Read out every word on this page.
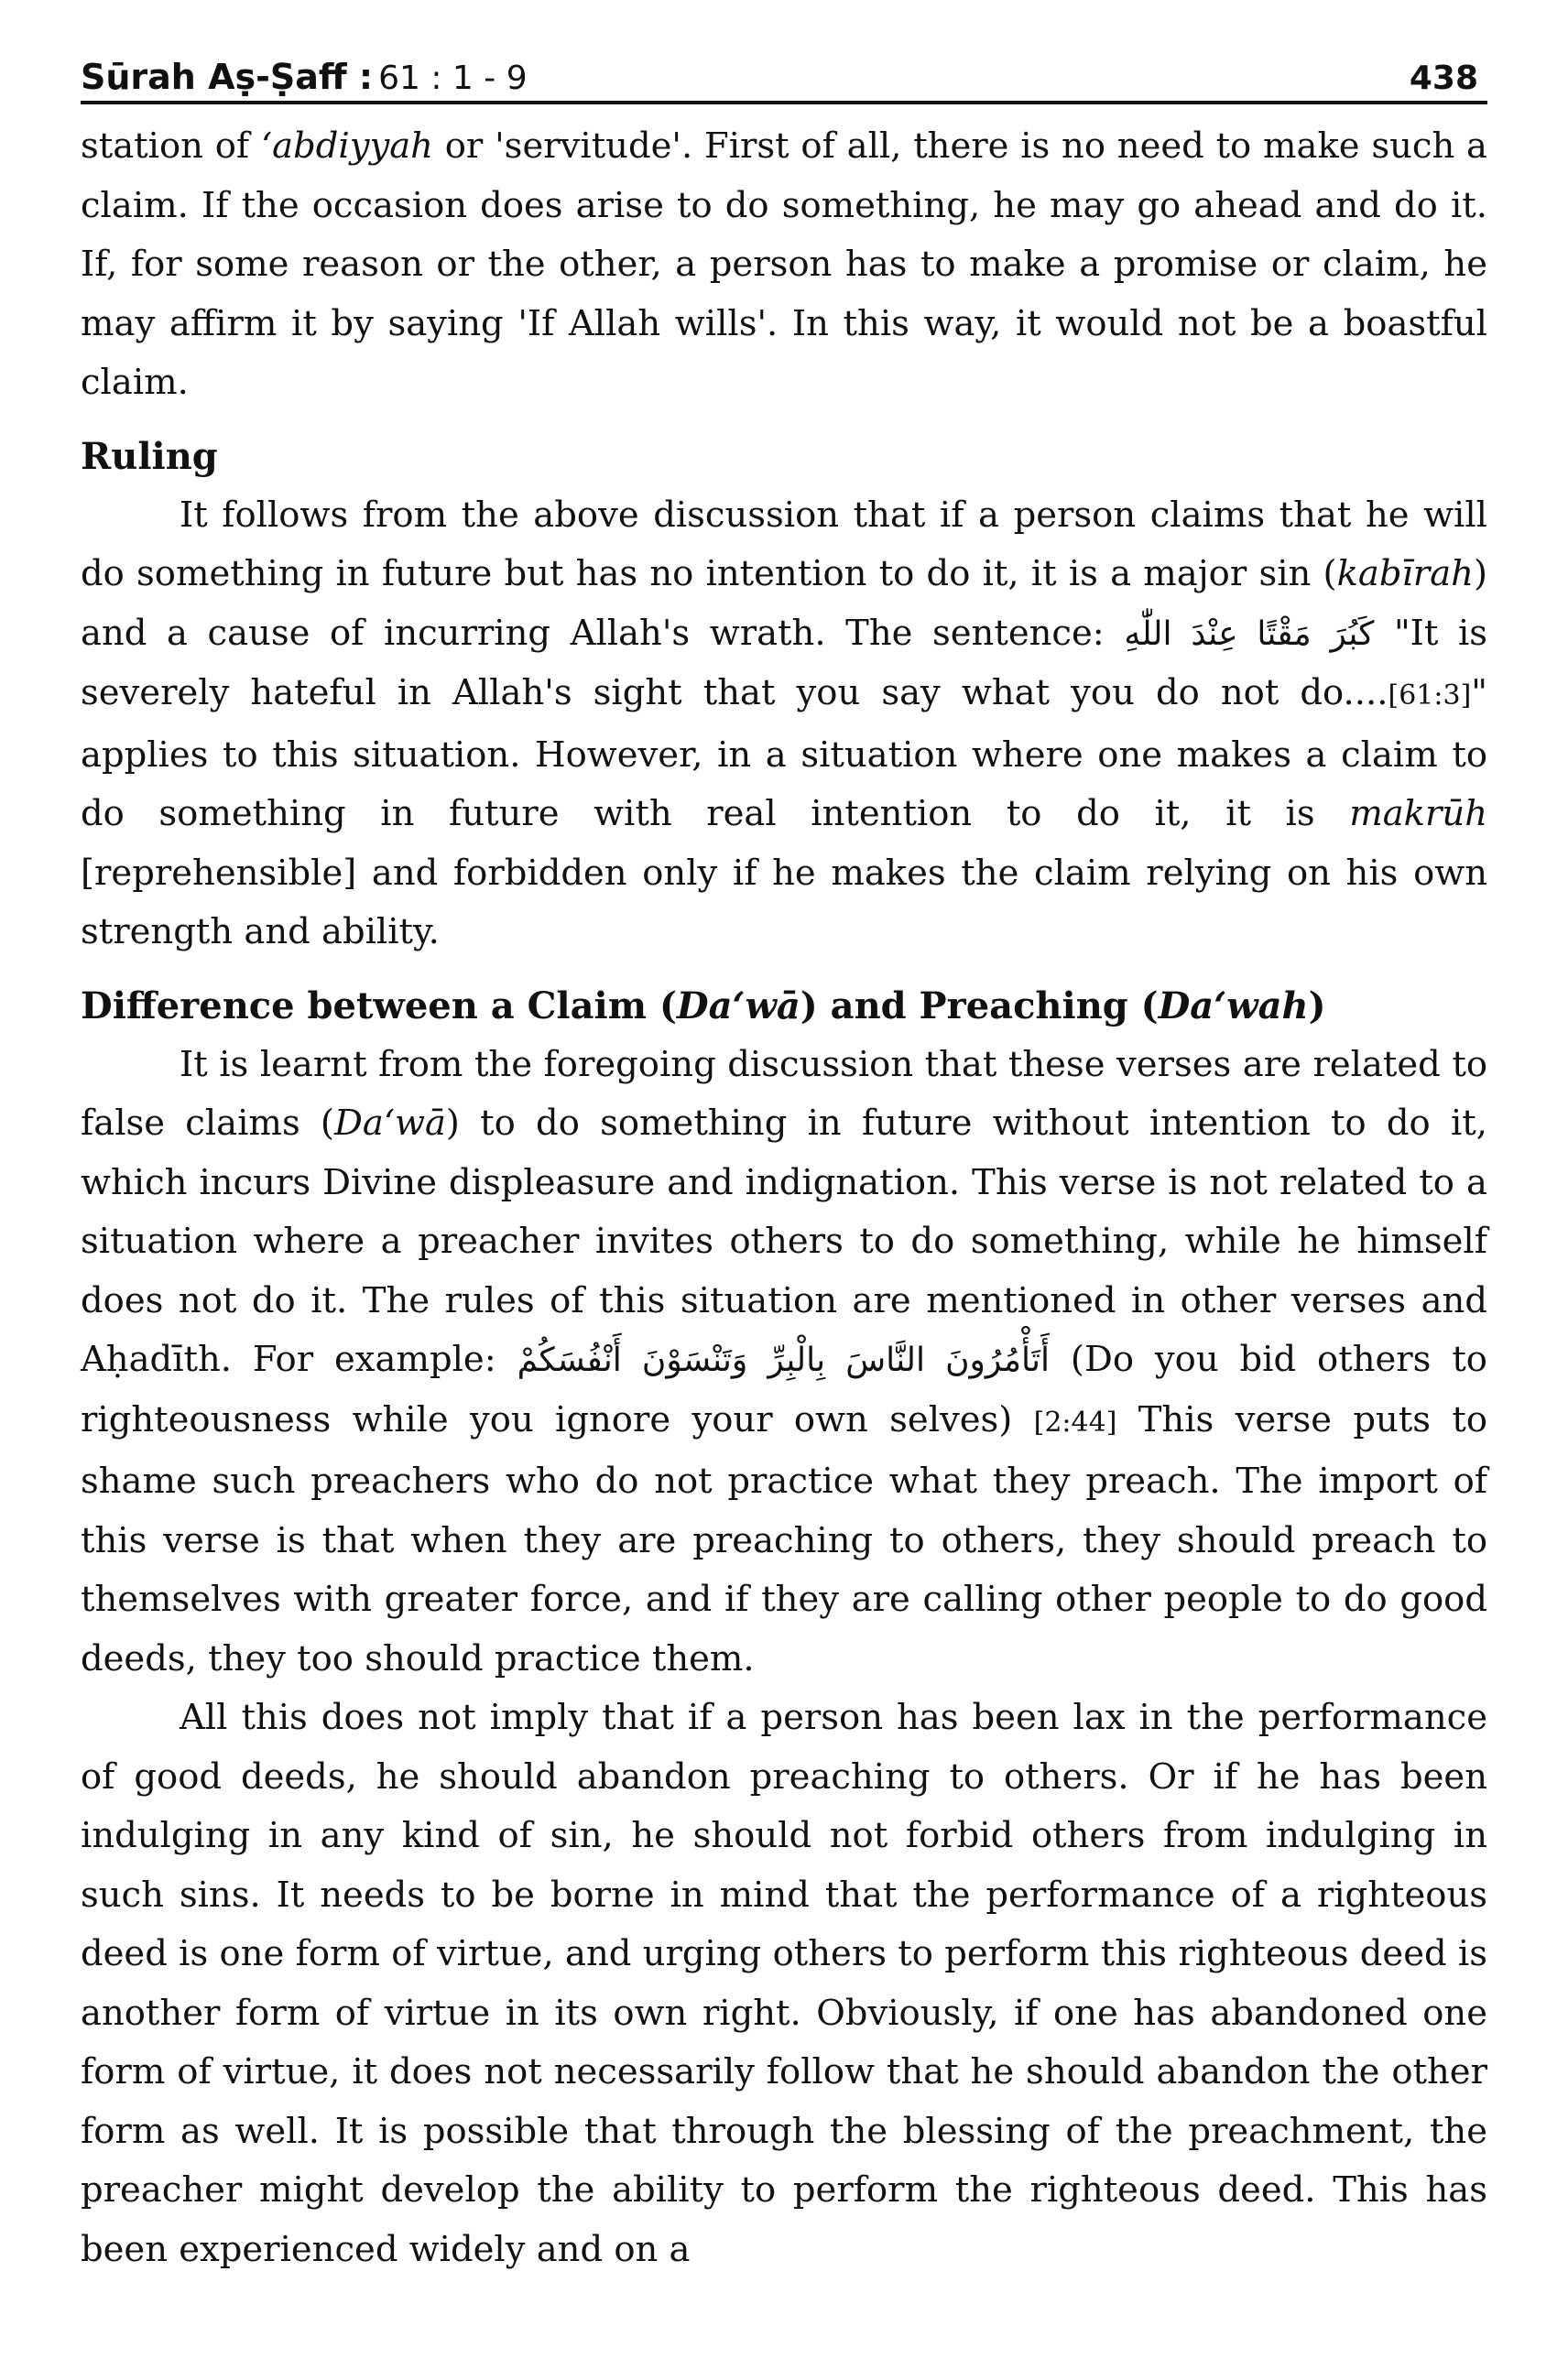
Sūrah Aṣ-Ṣaff : 61 : 1 - 9	438

station of ‘abdiyyah or 'servitude'. First of all, there is no need to make such a claim. If the occasion does arise to do something, he may go ahead and do it. If, for some reason or the other, a person has to make a promise or claim, he may affirm it by saying 'If Allah wills'. In this way, it would not be a boastful claim.

Ruling

It follows from the above discussion that if a person claims that he will do something in future but has no intention to do it, it is a major sin (kabīrah) and a cause of incurring Allah's wrath. The sentence: كَبُرَ مَقْتًا عِنْدَ اللّٰهِ "It is severely hateful in Allah's sight that you say what you do not do....[61:3]" applies to this situation. However, in a situation where one makes a claim to do something in future with real intention to do it, it is makrūh [reprehensible] and forbidden only if he makes the claim relying on his own strength and ability.

Difference between a Claim (Da‘wā) and Preaching (Da‘wah)

It is learnt from the foregoing discussion that these verses are related to false claims (Da‘wā) to do something in future without intention to do it, which incurs Divine displeasure and indignation. This verse is not related to a situation where a preacher invites others to do something, while he himself does not do it. The rules of this situation are mentioned in other verses and Aḥadīth. For example: أَتَأْمُرُونَ النَّاسَ بِالْبِرِّ وَتَنْسَوْنَ أَنْفُسَكُمْ (Do you bid others to righteousness while you ignore your own selves) [2:44] This verse puts to shame such preachers who do not practice what they preach. The import of this verse is that when they are preaching to others, they should preach to themselves with greater force, and if they are calling other people to do good deeds, they too should practice them.

All this does not imply that if a person has been lax in the performance of good deeds, he should abandon preaching to others. Or if he has been indulging in any kind of sin, he should not forbid others from indulging in such sins. It needs to be borne in mind that the performance of a righteous deed is one form of virtue, and urging others to perform this righteous deed is another form of virtue in its own right. Obviously, if one has abandoned one form of virtue, it does not necessarily follow that he should abandon the other form as well. It is possible that through the blessing of the preachment, the preacher might develop the ability to perform the righteous deed. This has been experienced widely and on a
